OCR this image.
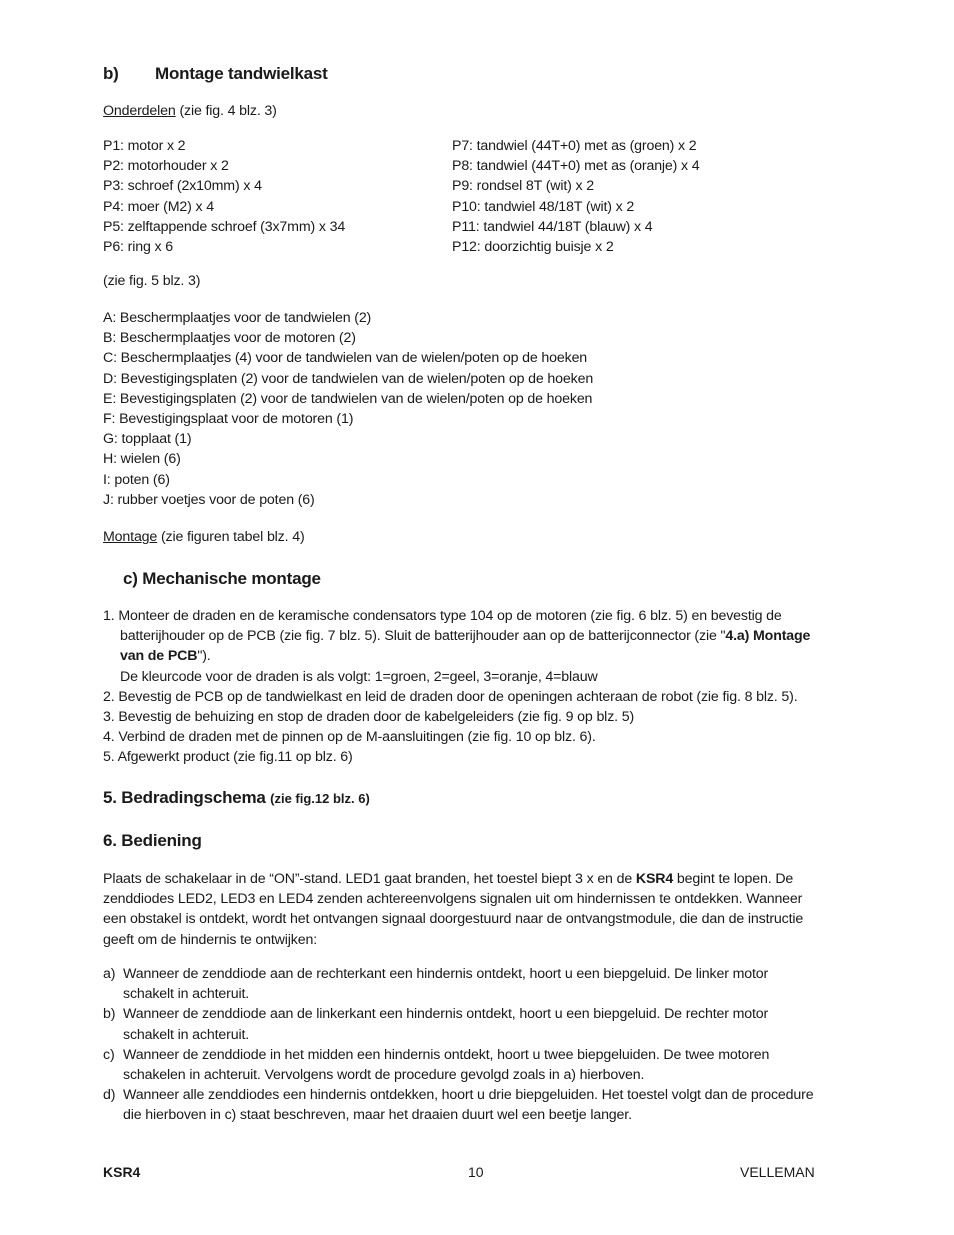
b) Montage tandwielkast
Onderdelen (zie fig. 4 blz. 3)
P1: motor x 2
P2: motorhouder x 2
P3: schroef (2x10mm) x 4
P4: moer (M2) x 4
P5: zelftappende schroef (3x7mm) x 34
P6: ring x 6
P7: tandwiel (44T+0) met as (groen) x 2
P8: tandwiel (44T+0) met as (oranje) x 4
P9: rondsel 8T (wit) x 2
P10: tandwiel 48/18T (wit) x 2
P11: tandwiel 44/18T (blauw) x 4
P12: doorzichtig buisje x 2
(zie fig. 5 blz. 3)
A: Beschermplaatjes voor de tandwielen (2)
B: Beschermplaatjes voor de motoren (2)
C: Beschermplaatjes (4) voor de tandwielen van de wielen/poten op de hoeken
D: Bevestigingsplaten (2) voor de tandwielen van de wielen/poten op de hoeken
E: Bevestigingsplaten (2) voor de tandwielen van de wielen/poten op de hoeken
F: Bevestigingsplaat voor de motoren (1)
G: topplaat (1)
H: wielen (6)
I: poten (6)
J: rubber voetjes voor de poten (6)
Montage (zie figuren tabel blz. 4)
c) Mechanische montage
1. Monteer de draden en de keramische condensators type 104 op de motoren (zie fig. 6 blz. 5) en bevestig de
batterijhouder op de PCB (zie fig. 7 blz. 5). Sluit de batterijhouder aan op de batterijconnector (zie "4.a) Montage
van de PCB").
De kleurcode voor de draden is als volgt: 1=groen, 2=geel, 3=oranje, 4=blauw
2. Bevestig de PCB op de tandwielkast en leid de draden door de openingen achteraan de robot (zie fig. 8 blz. 5).
3. Bevestig de behuizing en stop de draden door de kabelgeleiders (zie fig. 9 op blz. 5)
4. Verbind de draden met de pinnen op de M-aansluitingen (zie fig. 10 op blz. 6).
5. Afgewerkt product (zie fig.11 op blz. 6)
5. Bedradingschema (zie fig.12 blz. 6)
6. Bediening
Plaats de schakelaar in de “ON”-stand. LED1 gaat branden, het toestel biept 3 x en de KSR4 begint te lopen. De
zenddiodes LED2, LED3 en LED4 zenden achtereenvolgens signalen uit om hindernissen te ontdekken. Wanneer
een obstakel is ontdekt, wordt het ontvangen signaal doorgestuurd naar de ontvangstmodule, die dan de instructie
geeft om de hindernis te ontwijken:
a) Wanneer de zenddiode aan de rechterkant een hindernis ontdekt, hoort u een biepgeluid. De linker motor
schakelt in achteruit.
b) Wanneer de zenddiode aan de linkerkant een hindernis ontdekt, hoort u een biepgeluid. De rechter motor
schakelt in achteruit.
c) Wanneer de zenddiode in het midden een hindernis ontdekt, hoort u twee biepgeluiden. De twee motoren
schakelen in achteruit. Vervolgens wordt de procedure gevolgd zoals in a) hierboven.
d) Wanneer alle zenddiodes een hindernis ontdekken, hoort u drie biepgeluiden. Het toestel volgt dan de procedure
die hierboven in c) staat beschreven, maar het draaien duurt wel een beetje langer.
KSR4	10	VELLEMAN
